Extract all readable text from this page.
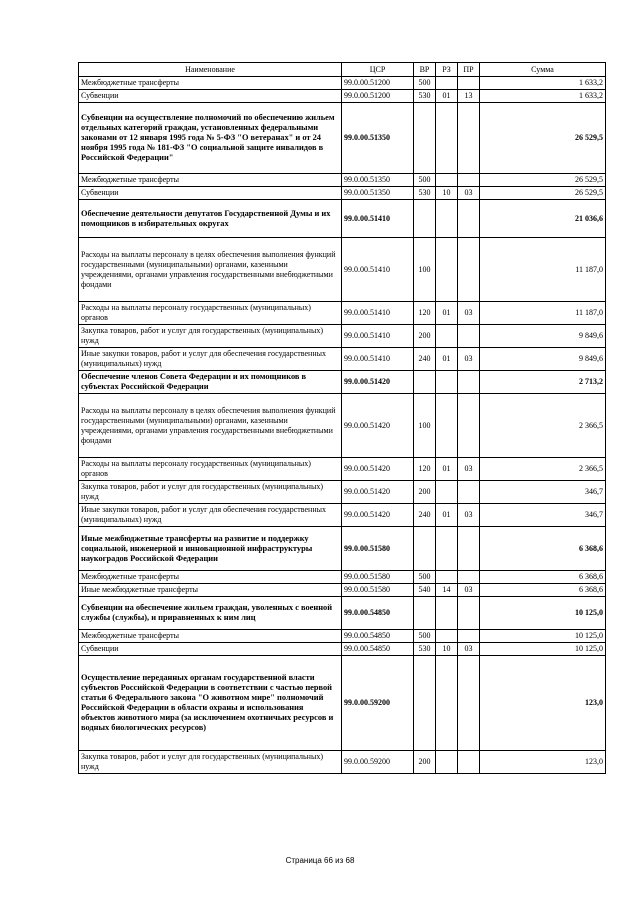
Наименование	ЦСР	ВР	РЗ	ПР	Сумма
Межбюджетные трансферты	99.0.00.51200	500			1 633,2
Субвенции	99.0.00.51200	530	01	13	1 633,2
Субвенции на осуществление полномочий по обеспечению жильем отдельных категорий граждан, установленных федеральными законами от 12 января 1995 года № 5-ФЗ "О ветеранах" и от 24 ноября 1995 года № 181-ФЗ "О социальной защите инвалидов в Российской Федерации"	99.0.00.51350				26 529,5
Межбюджетные трансферты	99.0.00.51350	500			26 529,5
Субвенции	99.0.00.51350	530	10	03	26 529,5
Обеспечение деятельности депутатов Государственной Думы и их помощников в избирательных округах	99.0.00.51410				21 036,6
Расходы на выплаты персоналу в целях обеспечения выполнения функций государственными (муниципальными) органами, казенными учреждениями, органами управления государственными внебюджетными фондами	99.0.00.51410	100			11 187,0
Расходы на выплаты персоналу государственных (муниципальных) органов	99.0.00.51410	120	01	03	11 187,0
Закупка товаров, работ и услуг для государственных (муниципальных) нужд	99.0.00.51410	200			9 849,6
Иные закупки товаров, работ и услуг для обеспечения государственных (муниципальных) нужд	99.0.00.51410	240	01	03	9 849,6
Обеспечение членов Совета Федерации и их помощников в субъектах Российской Федерации	99.0.00.51420				2 713,2
Расходы на выплаты персоналу в целях обеспечения выполнения функций государственными (муниципальными) органами, казенными учреждениями, органами управления государственными внебюджетными фондами	99.0.00.51420	100			2 366,5
Расходы на выплаты персоналу государственных (муниципальных) органов	99.0.00.51420	120	01	03	2 366,5
Закупка товаров, работ и услуг для государственных (муниципальных) нужд	99.0.00.51420	200			346,7
Иные закупки товаров, работ и услуг для обеспечения государственных (муниципальных) нужд	99.0.00.51420	240	01	03	346,7
Иные межбюджетные трансферты на развитие и поддержку социальной, инженерной и инновационной инфраструктуры наукоградов Российской Федерации	99.0.00.51580				6 368,6
Межбюджетные трансферты	99.0.00.51580	500			6 368,6
Иные межбюджетные трансферты	99.0.00.51580	540	14	03	6 368,6
Субвенции на обеспечение жильем граждан, уволенных с военной службы (службы), и приравненных к ним лиц	99.0.00.54850				10 125,0
Межбюджетные трансферты	99.0.00.54850	500			10 125,0
Субвенции	99.0.00.54850	530	10	03	10 125,0
Осуществление переданных органам государственной власти субъектов Российской Федерации в соответствии с частью первой статьи 6 Федерального закона "О животном мире" полномочий Российской Федерации в области охраны и использования объектов животного мира (за исключением охотничьих ресурсов и водных биологических ресурсов)	99.0.00.59200				123,0
Закупка товаров, работ и услуг для государственных (муниципальных) нужд	99.0.00.59200	200			123,0
Страница 66 из 68
